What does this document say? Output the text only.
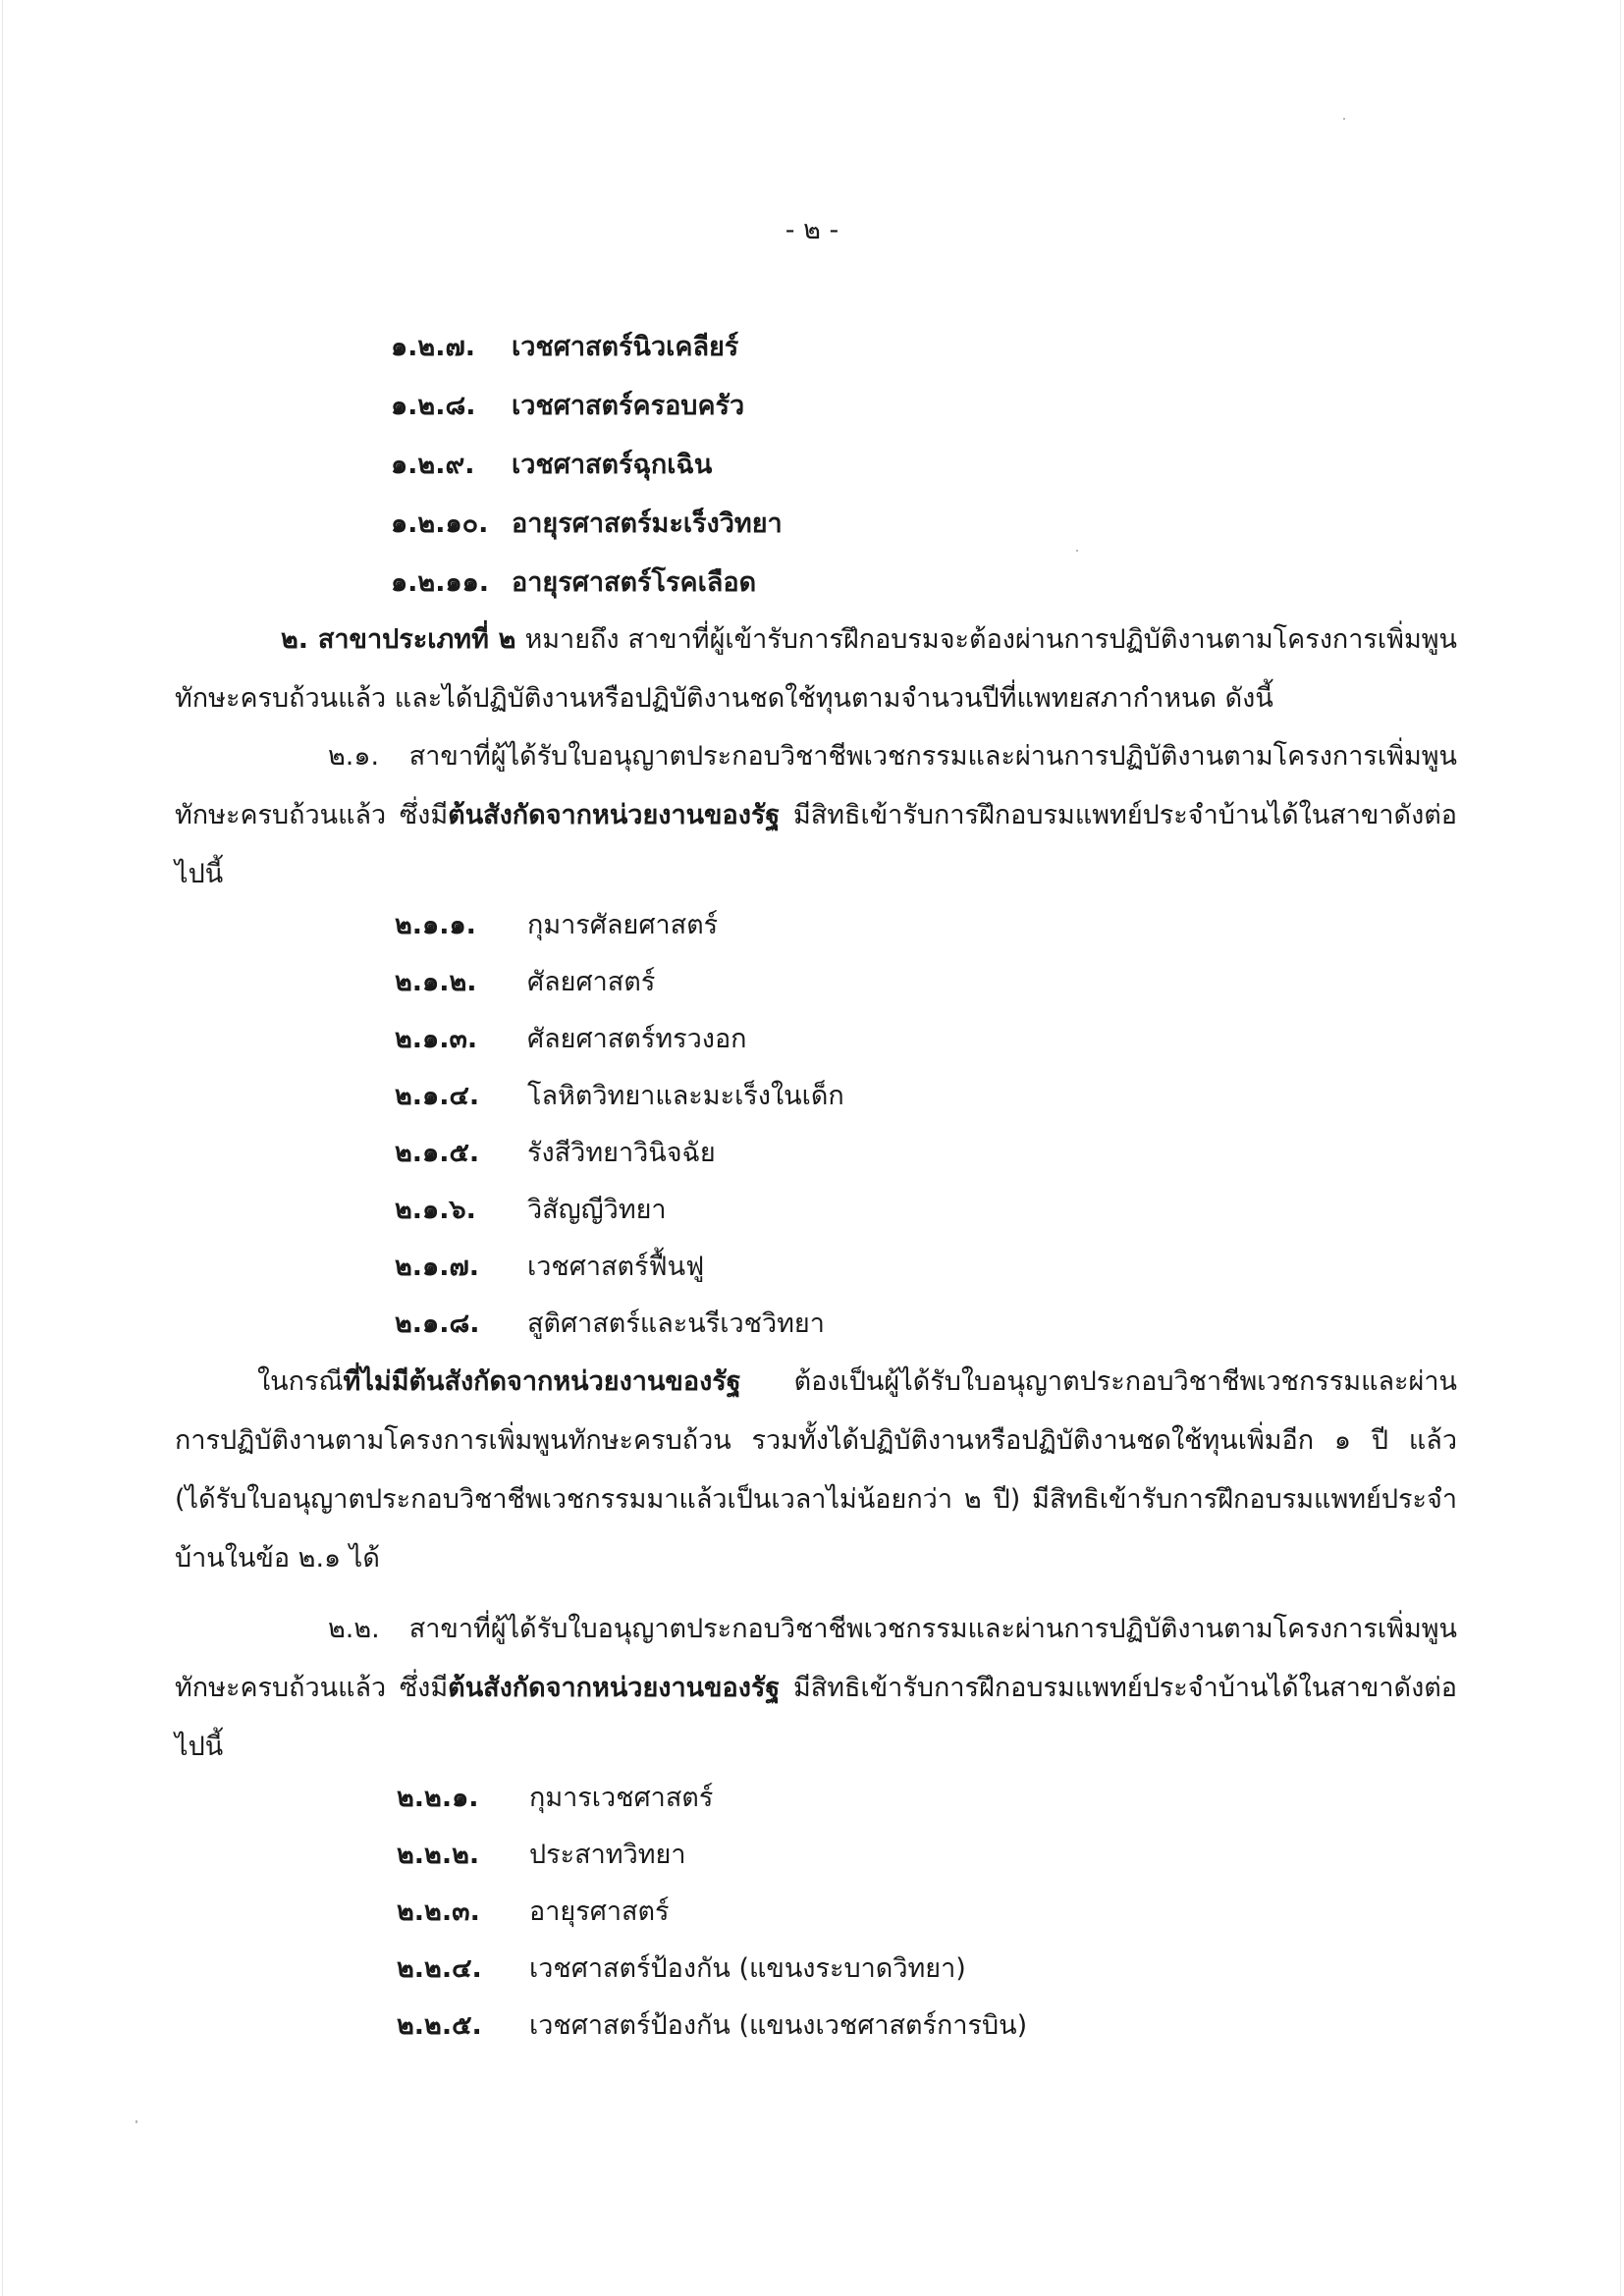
- ๒ -
๑.๒.๗. เวชศาสตร์นิวเคลียร์
๑.๒.๘. เวชศาสตร์ครอบครัว
๑.๒.๙. เวชศาสตร์ฉุกเฉิน
๑.๒.๑๐. อายุรศาสตร์มะเร็งวิทยา
๑.๒.๑๑. อายุรศาสตร์โรคเลือด

๒. สาขาประเภทที่ ๒ หมายถึง สาขาที่ผู้เข้ารับการฝึกอบรมจะต้องผ่านการปฏิบัติงานตามโครงการเพิ่มพูนทักษะครบถ้วนแล้ว และได้ปฏิบัติงานหรือปฏิบัติงานชดใช้ทุนตามจำนวนปีที่แพทยสภากำหนด ดังนี้

๒.๑. สาขาที่ผู้ได้รับใบอนุญาตประกอบวิชาชีพเวชกรรมและผ่านการปฏิบัติงานตามโครงการเพิ่มพูนทักษะครบถ้วนแล้ว ซึ่งมีต้นสังกัดจากหน่วยงานของรัฐ มีสิทธิเข้ารับการฝึกอบรมแพทย์ประจำบ้านได้ในสาขาดังต่อไปนี้

๒.๑.๑. กุมารศัลยศาสตร์
๒.๑.๒. ศัลยศาสตร์
๒.๑.๓. ศัลยศาสตร์ทรวงอก
๒.๑.๔. โลหิตวิทยาและมะเร็งในเด็ก
๒.๑.๕. รังสีวิทยาวินิจฉัย
๒.๑.๖. วิสัญญีวิทยา
๒.๑.๗. เวชศาสตร์ฟื้นฟู
๒.๑.๘. สูติศาสตร์และนรีเวชวิทยา

ในกรณีที่ไม่มีต้นสังกัดจากหน่วยงานของรัฐ ต้องเป็นผู้ได้รับใบอนุญาตประกอบวิชาชีพเวชกรรมและผ่านการปฏิบัติงานตามโครงการเพิ่มพูนทักษะครบถ้วน รวมทั้งได้ปฏิบัติงานหรือปฏิบัติงานชดใช้ทุนเพิ่มอีก ๑ ปี แล้ว (ได้รับใบอนุญาตประกอบวิชาชีพเวชกรรมมาแล้วเป็นเวลาไม่น้อยกว่า ๒ ปี) มีสิทธิเข้ารับการฝึกอบรมแพทย์ประจำบ้านในข้อ ๒.๑ ได้

๒.๒. สาขาที่ผู้ได้รับใบอนุญาตประกอบวิชาชีพเวชกรรมและผ่านการปฏิบัติงานตามโครงการเพิ่มพูนทักษะครบถ้วนแล้ว ซึ่งมีต้นสังกัดจากหน่วยงานของรัฐ มีสิทธิเข้ารับการฝึกอบรมแพทย์ประจำบ้านได้ในสาขาดังต่อไปนี้

๒.๒.๑. กุมารเวชศาสตร์
๒.๒.๒. ประสาทวิทยา
๒.๒.๓. อายุรศาสตร์
๒.๒.๔. เวชศาสตร์ป้องกัน (แขนงระบาดวิทยา)
๒.๒.๕. เวชศาสตร์ป้องกัน (แขนงเวชศาสตร์การบิน)
